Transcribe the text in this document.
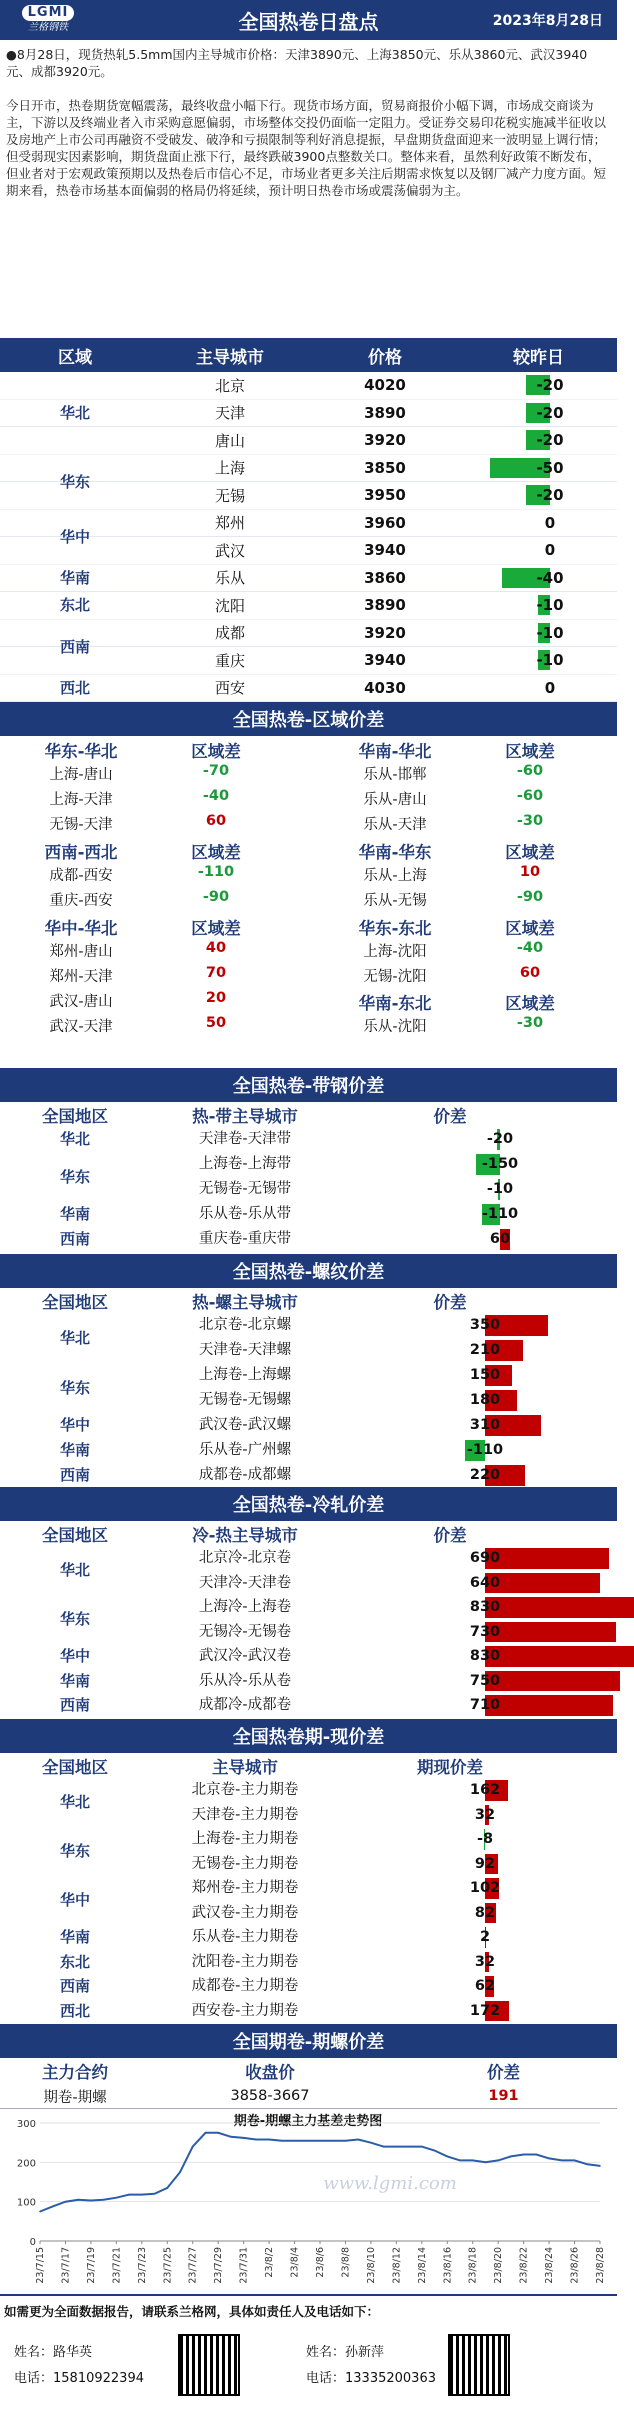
LGMI
兰格钢铁	全国热卷日盘点	2023年8月28日

●8月28日，现货热轧5.5mm国内主导城市价格：天津3890元、上海3850元、乐从3860元、武汉3940元、成都3920元。

今日开市，热卷期货宽幅震荡，最终收盘小幅下行。现货市场方面，贸易商报价小幅下调，市场成交商谈为主，下游以及终端业者入市采购意愿偏弱，市场整体交投仍面临一定阻力。受证券交易印花税实施减半征收以及房地产上市公司再融资不受破发、破净和亏损限制等利好消息提振，早盘期货盘面迎来一波明显上调行情；但受弱现实因素影响，期货盘面止涨下行，最终跌破3900点整数关口。整体来看，虽然利好政策不断发布，但业者对于宏观政策预期以及热卷后市信心不足，市场业者更多关注后期需求恢复以及钢厂减产力度方面。短期来看，热卷市场基本面偏弱的格局仍将延续，预计明日热卷市场或震荡偏弱为主。

区域	主导城市	价格	较昨日
华北
北京	4020	-20
天津	3890	-20
唐山	3920	-20
华东
上海	3850	-50
无锡	3950	-20
华中
郑州	3960	0
武汉	3940	0
华南	乐从	3860	-40
东北	沈阳	3890	-10
西南
成都	3920	-10
重庆	3940	-10
西北	西安	4030	0
全国热卷-区域价差
华东-华北	区域差
上海-唐山	-70
上海-天津	-40
无锡-天津	60
华南-华北	区域差
乐从-邯郸	-60
乐从-唐山	-60
乐从-天津	-30
西南-西北	区域差
成都-西安	-110
重庆-西安	-90
华南-华东	区域差
乐从-上海	10
乐从-无锡	-90
华中-华北	区域差
郑州-唐山	40
郑州-天津	70
武汉-唐山	20
武汉-天津	50
华东-东北	区域差
上海-沈阳	-40
无锡-沈阳	60
华南-东北	区域差
乐从-沈阳	-30
全国热卷-带钢价差
全国地区	热-带主导城市	价差
华北	天津卷-天津带	-20
华东
上海卷-上海带	-150
无锡卷-无锡带	-10
华南	乐从卷-乐从带	-110
西南	重庆卷-重庆带	60
全国热卷-螺纹价差
全国地区	热-螺主导城市	价差
华北
北京卷-北京螺	350
天津卷-天津螺	210
华东
上海卷-上海螺	150
无锡卷-无锡螺	180
华中	武汉卷-武汉螺	310
华南	乐从卷-广州螺	-110
西南	成都卷-成都螺	220
全国热卷-冷轧价差
全国地区	冷-热主导城市	价差
华北
北京冷-北京卷	690
天津冷-天津卷	640
华东
上海冷-上海卷	830
无锡冷-无锡卷	730
华中	武汉冷-武汉卷	830
华南	乐从冷-乐从卷	750
西南	成都冷-成都卷	710
全国热卷期-现价差
全国地区	主导城市	期现价差
华北
北京卷-主力期卷	162
天津卷-主力期卷	32
华东
上海卷-主力期卷	-8
无锡卷-主力期卷	92
华中
郑州卷-主力期卷	102
武汉卷-主力期卷	82
华南	乐从卷-主力期卷	2
东北	沈阳卷-主力期卷	32
西南	成都卷-主力期卷	62
西北	西安卷-主力期卷	172
全国期卷-期螺价差
主力合约	收盘价	价差
期卷-期螺	3858-3667	191
期卷-期螺主力基差走势图
www.lgmi.com
0
100
200
300
23/7/15 23/7/17 23/7/19 23/7/21 23/7/23 23/7/25 23/7/27 23/7/29 23/7/31 23/8/2 23/8/4 23/8/6 23/8/8 23/8/10 23/8/12 23/8/14 23/8/16 23/8/18 23/8/20 23/8/22 23/8/24 23/8/26 23/8/28
如需更为全面数据报告，请联系兰格网，具体如责任人及电话如下：
姓名：路华英
电话：15810922394
姓名：孙新萍
电话：13335200363
